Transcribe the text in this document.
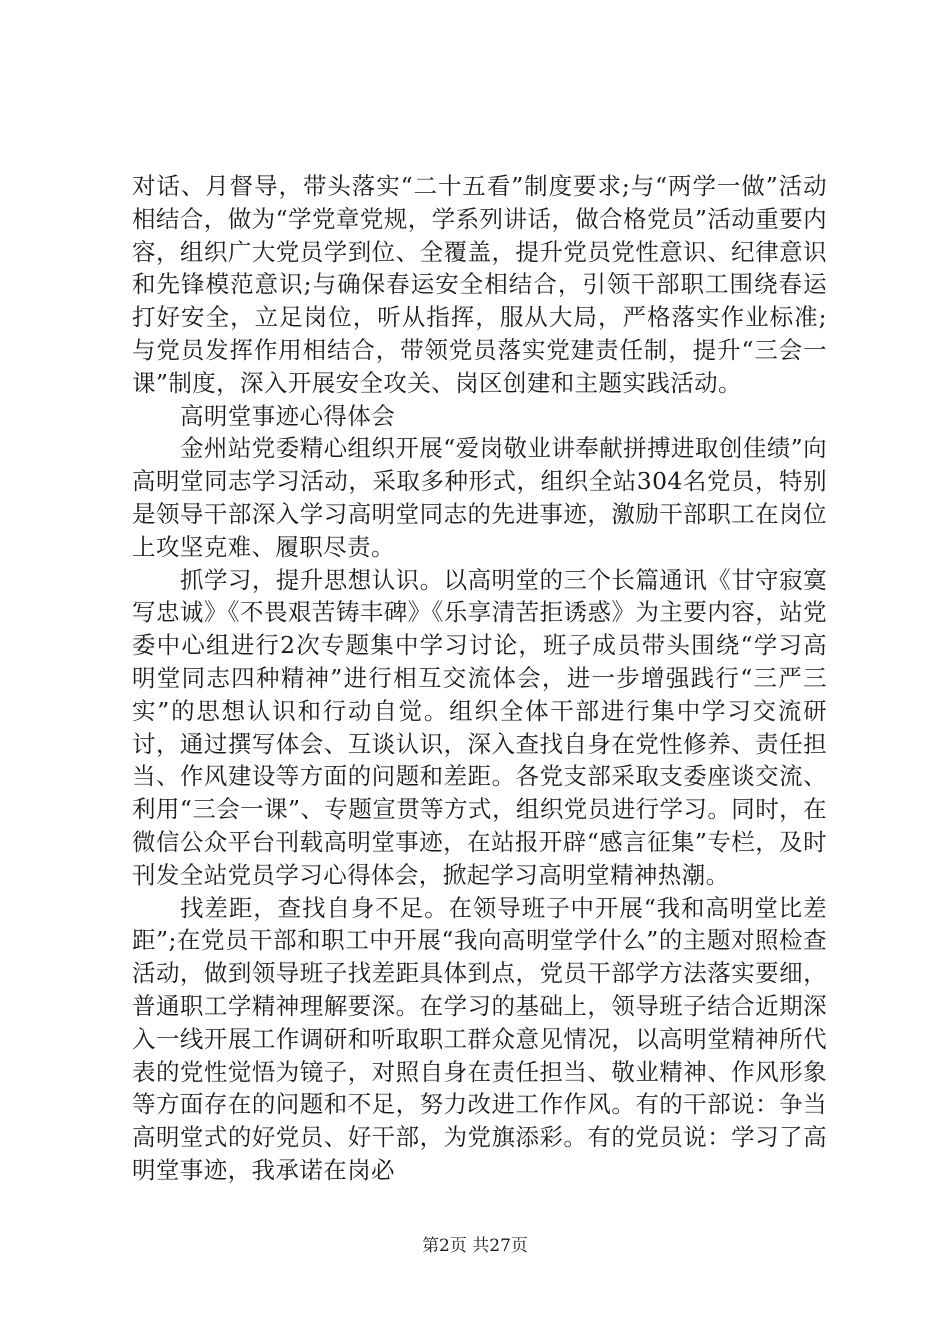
对话、月督导，带头落实“二十五看”制度要求;与“两学一做”活动相结合，做为“学党章党规，学系列讲话，做合格党员”活动重要内容，组织广大党员学到位、全覆盖，提升党员党性意识、纪律意识和先锋模范意识;与确保春运安全相结合，引领干部职工围绕春运打好安全，立足岗位，听从指挥，服从大局，严格落实作业标准;与党员发挥作用相结合，带领党员落实党建责任制，提升“三会一课”制度，深入开展安全攻关、岗区创建和主题实践活动。

高明堂事迹心得体会

金州站党委精心组织开展“爱岗敬业讲奉献拼搏进取创佳绩”向高明堂同志学习活动，采取多种形式，组织全站304名党员，特别是领导干部深入学习高明堂同志的先进事迹，激励干部职工在岗位上攻坚克难、履职尽责。

抓学习，提升思想认识。以高明堂的三个长篇通讯《甘守寂寞写忠诚》《不畏艰苦铸丰碑》《乐享清苦拒诱惑》为主要内容，站党委中心组进行2次专题集中学习讨论，班子成员带头围绕“学习高明堂同志四种精神”进行相互交流体会，进一步增强践行“三严三实”的思想认识和行动自觉。组织全体干部进行集中学习交流研讨，通过撰写体会、互谈认识，深入查找自身在党性修养、责任担当、作风建设等方面的问题和差距。各党支部采取支委座谈交流、利用“三会一课”、专题宣贯等方式，组织党员进行学习。同时，在微信公众平台刊载高明堂事迹，在站报开辟“感言征集”专栏，及时刊发全站党员学习心得体会，掀起学习高明堂精神热潮。

找差距，查找自身不足。在领导班子中开展“我和高明堂比差距”;在党员干部和职工中开展“我向高明堂学什么”的主题对照检查活动，做到领导班子找差距具体到点，党员干部学方法落实要细，普通职工学精神理解要深。在学习的基础上，领导班子结合近期深入一线开展工作调研和听取职工群众意见情况，以高明堂精神所代表的党性觉悟为镜子，对照自身在责任担当、敬业精神、作风形象等方面存在的问题和不足，努力改进工作作风。有的干部说：争当高明堂式的好党员、好干部，为党旗添彩。有的党员说：学习了高明堂事迹，我承诺在岗必

第2页 共27页
